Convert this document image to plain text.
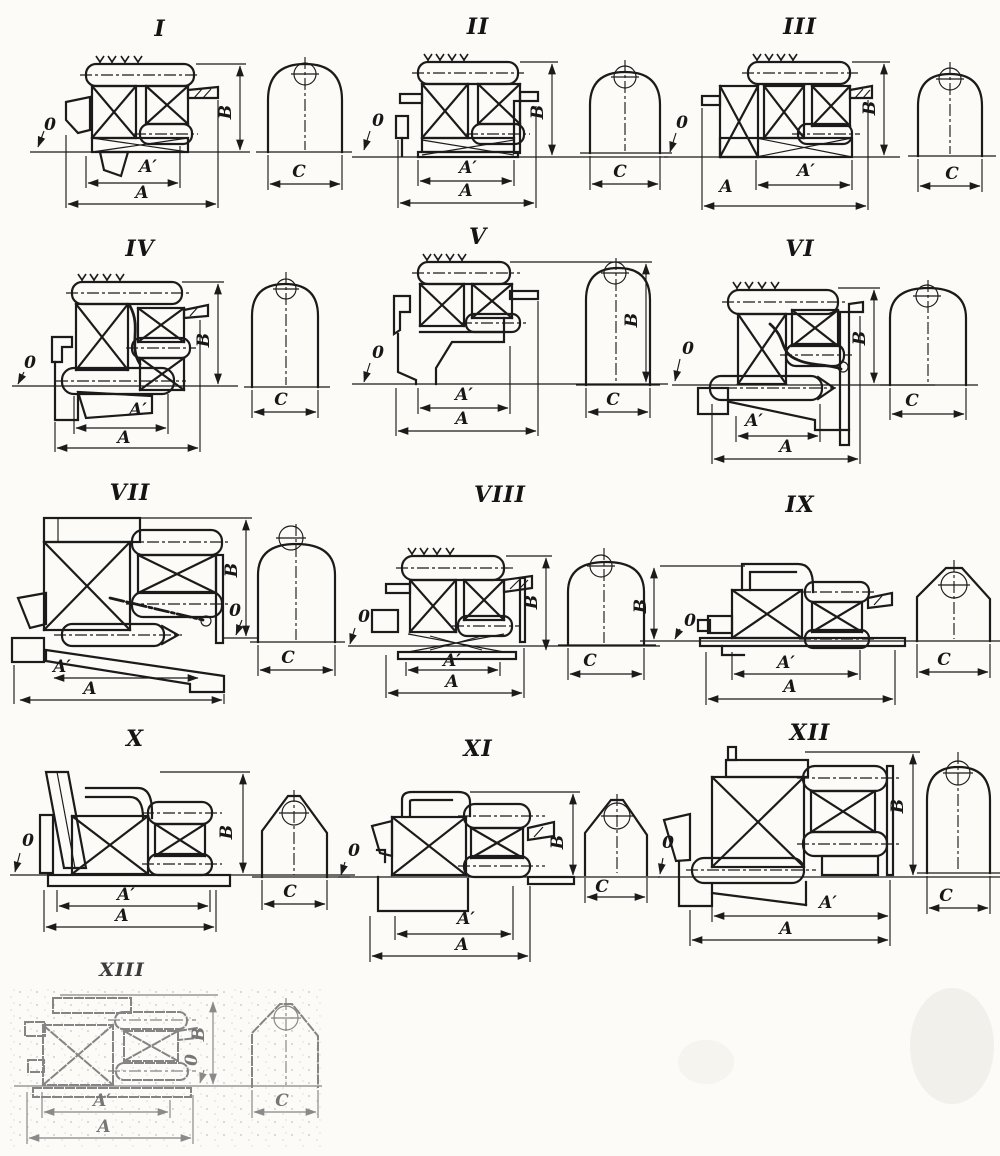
I
B
A′
A
0
C
II
B
A′
A
0
C
III
B
A′
A
0
C
IV
B
A′
A
0
C
V
B
A′
A
0
C
VI
B
A′
A
0
C
VII
0
B
A′
A
C
VIII
B
A′
A
0
C
IX
B
A′
A
0
C
X
B
A′
A
0
C
XI
B
A′
A
0
C
XII
B
A′
A
0
C
XIII
B
0
A′
A
C
